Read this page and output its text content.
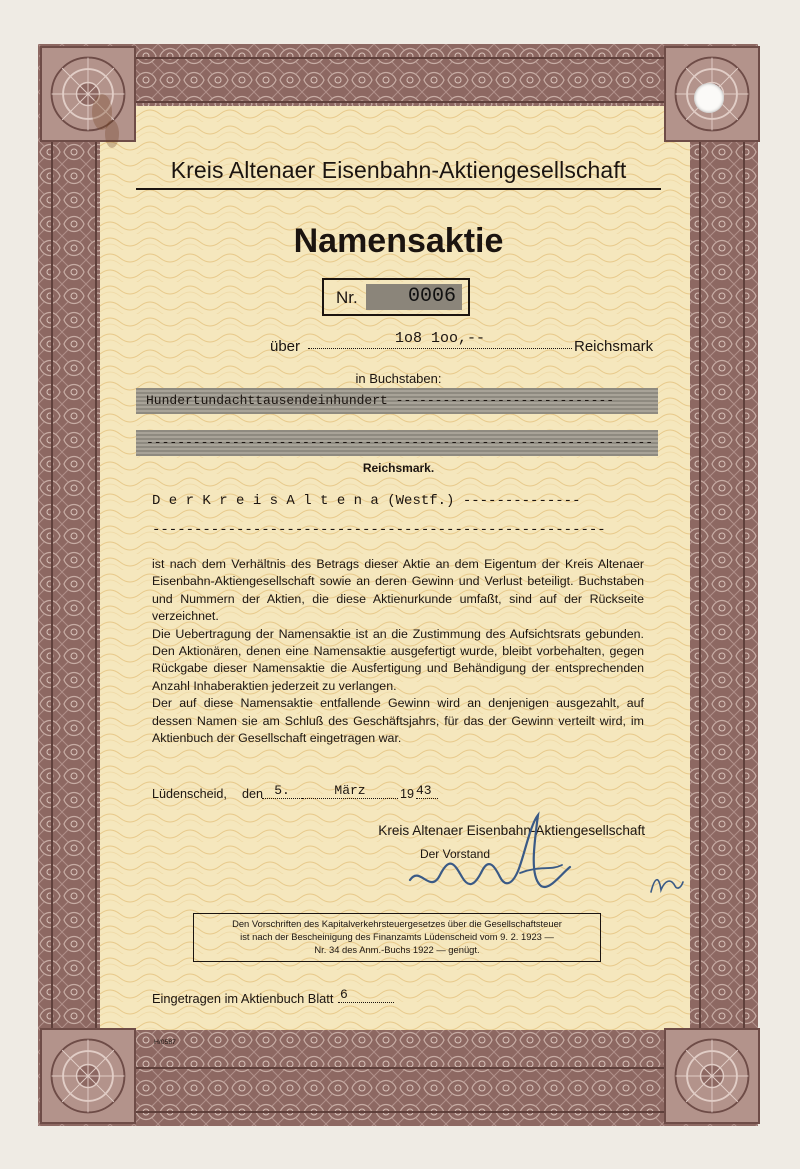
Kreis Altenaer Eisenbahn-Aktiengesellschaft
Namensaktie
Nr.	0006
über	1o8 1oo,--	Reichsmark
in Buchstaben:
Hundertundachttausendeinhundert ----------------------------
-----------------------------------------------------------------
Reichsmark.
D e r K r e i s A l t e n a (Westf.) --------------
------------------------------------------------------

ist nach dem Verhältnis des Betrags dieser Aktie an dem Eigentum der Kreis Altenaer Eisenbahn-Aktiengesellschaft sowie an deren Gewinn und Verlust beteiligt. Buchstaben und Nummern der Aktien, die diese Aktienurkunde umfaßt, sind auf der Rückseite verzeichnet.

Die Uebertragung der Namensaktie ist an die Zustimmung des Aufsichtsrats gebunden. Den Aktionären, denen eine Namensaktie ausgefertigt wurde, bleibt vorbehalten, gegen Rückgabe dieser Namensaktie die Ausfertigung und Behändigung der entsprechenden Anzahl Inhaberaktien jederzeit zu verlangen.

Der auf diese Namensaktie entfallende Gewinn wird an denjenigen ausgezahlt, auf dessen Namen sie am Schluß des Geschäftsjahrs, für das der Gewinn verteilt wird, im Aktienbuch der Gesellschaft eingetragen war.

Lüdenscheid, den 5.	März	19 43
Kreis Altenaer Eisenbahn-Aktiengesellschaft
Der Vorstand
Den Vorschriften des Kapitalverkehrsteuergesetzes über die Gesellschaftsteuer
ist nach der Bescheinigung des Finanzamts Lüdenscheid vom 9. 2. 1923 —
Nr. 34 des Anm.-Buchs 1922 — genügt.
Eingetragen im Aktienbuch Blatt 6
H/0587
